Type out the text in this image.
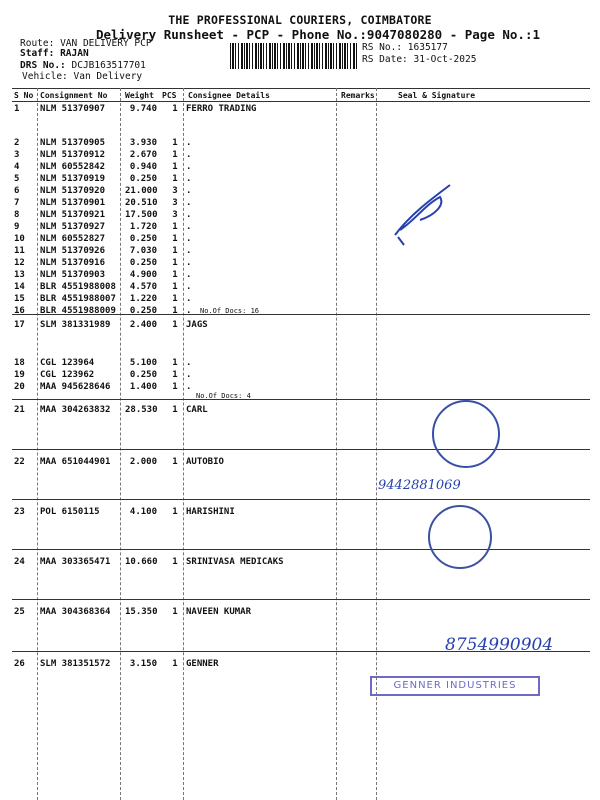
THE PROFESSIONAL COURIERS, COIMBATORE
Delivery Runsheet - PCP - Phone No.:9047080280 - Page No.:1
Route: VAN DELIVERY PCP
Staff: RAJAN
DRS No.: DCJB163517701
Vehicle: Van Delivery
RS No.: 1635177
RS Date: 31-Oct-2025
S No Consignment No Weight PCS Consignee Details	Remarks	Seal & Signature
1 NLM 51370907	9.740 1 FERRO TRADING
2 NLM 51370905	3.930 1 .
3 NLM 51370912	2.670 1 .
4 NLM 60552842	0.940 1 .
5 NLM 51370919	0.250 1 .
6 NLM 51370920 21.000 3 .
7 NLM 51370901 20.510 3 .
8 NLM 51370921 17.500 3 .
9 NLM 51370927	1.720 1 .
10 NLM 60552827	0.250 1 .
11 NLM 51370926	7.030 1 .
12 NLM 51370916	0.250 1 .
13 NLM 51370903	4.900 1 .
14 BLR 4551988008	4.570 1 .
15 BLR 4551988007	1.220 1 .
16 BLR 4551988009	0.250 1 .
17 SLM 381331989	2.400 1 JAGS
18 CGL 123964	5.100 1 .
19 CGL 123962	0.250 1 .
20 MAA 945628646	1.400 1 .
21 MAA 304263832 28.530 1 CARL
22 MAA 651044901	2.000 1 AUTOBIO
23 POL 6150115	4.100 1 HARISHINI
24 MAA 303365471 10.660 1 SRINIVASA MEDICAKS
25 MAA 304368364 15.350 1 NAVEEN KUMAR
26 SLM 381351572	3.150 1 GENNER
No.Of Docs: 16
No.Of Docs: 4
9442881069
8754990904
GENNER INDUSTRIES
